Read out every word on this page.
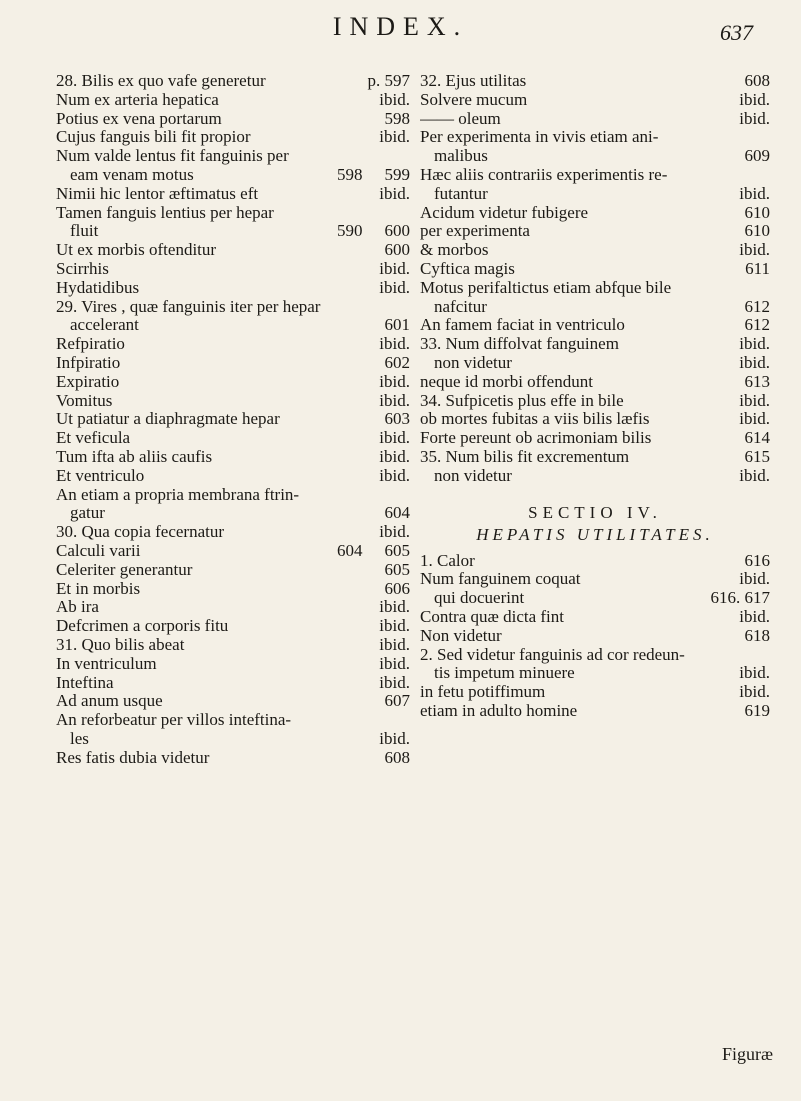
INDEX.	637
28. Bilis ex quo vafe generetur	p. 597
Num ex arteria hepatica	ibid.
Potius ex vena portarum	598
Cujus fanguis bili fit propior	ibid.
Num valde lentus fit fanguinis per
eam venam motus	598	599
Nimii hic lentor æftimatus eft	ibid.
Tamen fanguis lentius per hepar
fluit	590	600
Ut ex morbis oftenditur	600
Scirrhis	ibid.
Hydatidibus	ibid.
29. Vires , quæ fanguinis iter per hepar
accelerant	601
Refpiratio	ibid.
Infpiratio	602
Expiratio	ibid.
Vomitus	ibid.
Ut patiatur a diaphragmate hepar	603
Et veficula	ibid.
Tum ifta ab aliis caufis	ibid.
Et ventriculo	ibid.
An etiam a propria membrana ftrin-
gatur	604
30. Qua copia fecernatur	ibid.
Calculi varii	604	605
Celeriter generantur	605
Et in morbis	606
Ab ira	ibid.
Defcrimen a corporis fitu	ibid.
31. Quo bilis abeat	ibid.
In ventriculum	ibid.
Inteftina	ibid.
Ad anum usque	607
An reforbeatur per villos inteftina-
les	ibid.
Res fatis dubia videtur	608
32. Ejus utilitas	608
Solvere mucum	ibid.
—— oleum	ibid.
Per experimenta in vivis etiam ani-
malibus	609
Hæc aliis contrariis experimentis re-
futantur	ibid.
Acidum videtur fubigere	610
per experimenta	610
& morbos	ibid.
Cyftica magis	611
Motus perifaltictus etiam abfque bile
nafcitur	612
An famem faciat in ventriculo	612
33. Num diffolvat fanguinem	ibid.
non videtur	ibid.
neque id morbi offendunt	613
34. Sufpicetis plus effe in bile	ibid.
ob mortes fubitas a viis bilis læfis	ibid.
Forte pereunt ob acrimoniam bilis	614
35. Num bilis fit excrementum	615
non videtur	ibid.
SECTIO IV.
HEPATIS UTILITATES.
1. Calor	616
Num fanguinem coquat	ibid.
qui docuerint	616. 617
Contra quæ dicta fint	ibid.
Non videtur	618
2. Sed videtur fanguinis ad cor redeun-
tis impetum minuere	ibid.
in fetu potiffimum	ibid.
etiam in adulto homine	619
Figuræ
